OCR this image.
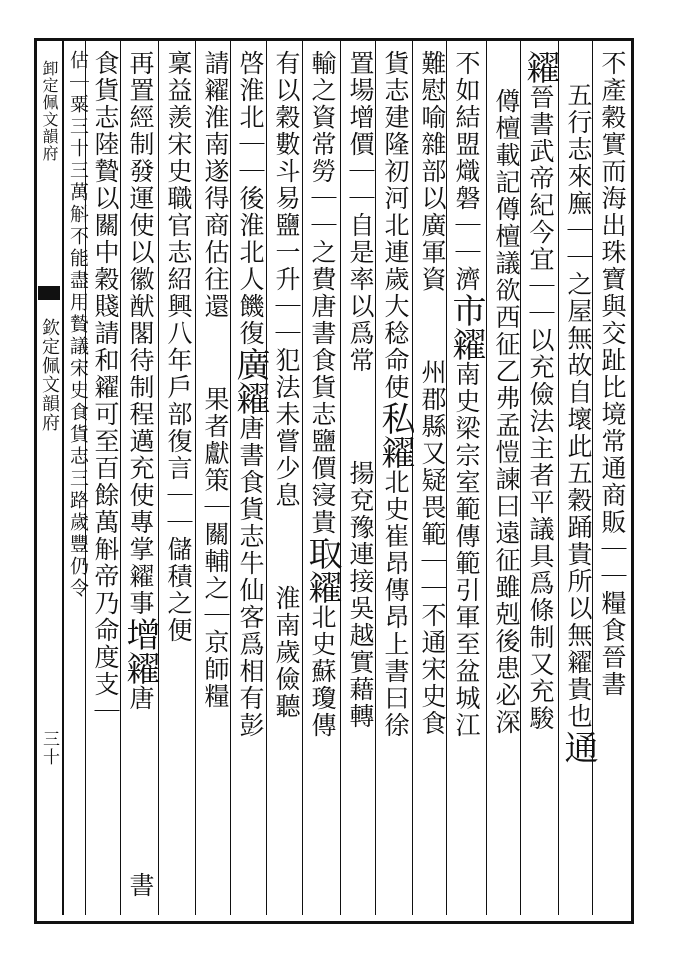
不產穀實而海出珠寶與交趾比境常通商販｜｜糧食晉書
五行志來廡｜｜之屋無故自壞此五穀踊貴所以無糴貴也通
糴晉書武帝紀今宜｜｜以充儉法主者平議具爲條制又充駿
僔檀載記僔檀議欲西征乙弗孟愷諫曰遠征雖剋後患必深
不如結盟熾磐｜｜濟市糴南史梁宗室範傳範引軍至盆城江
難慰喻雜部以廣軍資州郡縣又疑畏範｜｜不通宋史食
貨志建隆初河北連歲大稔命使私糴北史崔昂傳昂上書曰徐
置場增價｜｜自是率以爲常揚兗豫連接吳越實藉轉
輸之資常勞｜｜之費唐書食貨志鹽價寖貴取糴北史蘇瓊傳
有以穀數斗易鹽一升｜｜犯法未嘗少息淮南歲儉聽
啓淮北｜｜後淮北人饑復廣糴唐書食貨志牛仙客爲相有彭
請糴淮南遂得商估往還果者獻策｜關輔之｜京師糧
稟益羨宋史職官志紹興八年戶部復言｜｜儲積之便
再置經制發運使以徽猷閣待制程邁充使專掌糴事增糴唐
食貨志陸贄以關中穀賤請和糴可至百餘萬斛帝乃命度支｜
書
估｜粟三十三萬斛不能盡用贄議宋史食貨志三路歲豐仍令
卸定佩文韻府
欽定佩文韻府
三十
